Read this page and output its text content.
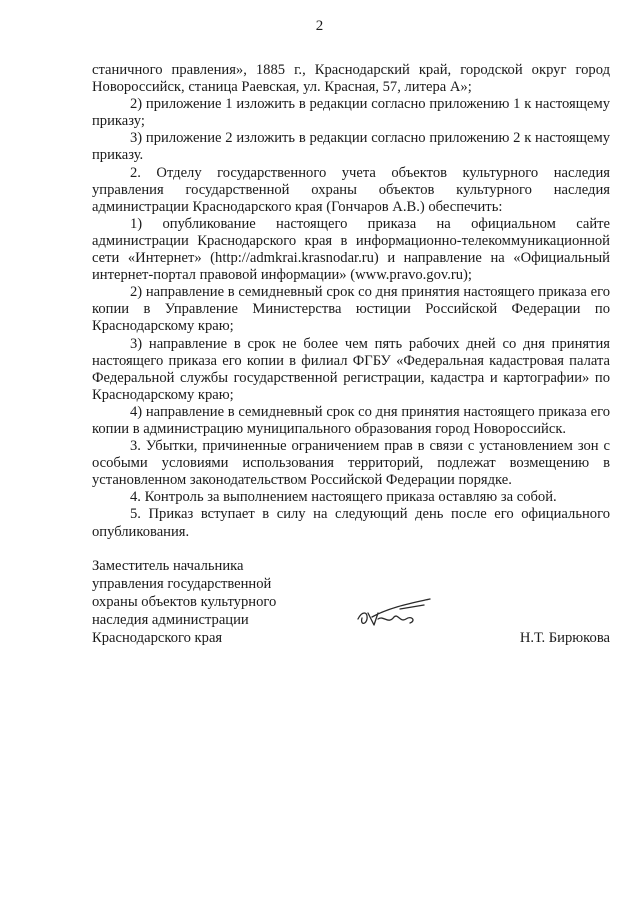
2

станичного правления», 1885 г., Краснодарский край, городской округ город Новороссийск, станица Раевская, ул. Красная, 57, литера А»;

2) приложение 1 изложить в редакции согласно приложению 1 к настоящему приказу;

3) приложение 2 изложить в редакции согласно приложению 2 к настоящему приказу.

2. Отделу государственного учета объектов культурного наследия управления государственной охраны объектов культурного наследия администрации Краснодарского края (Гончаров А.В.) обеспечить:

1) опубликование настоящего приказа на официальном сайте администрации Краснодарского края в информационно-телекоммуникационной сети «Интернет» (http://admkrai.krasnodar.ru) и направление на «Официальный интернет-портал правовой информации» (www.pravo.gov.ru);

2) направление в семидневный срок со дня принятия настоящего приказа его копии в Управление Министерства юстиции Российской Федерации по Краснодарскому краю;

3) направление в срок не более чем пять рабочих дней со дня принятия настоящего приказа его копии в филиал ФГБУ «Федеральная кадастровая палата Федеральной службы государственной регистрации, кадастра и картографии» по Краснодарскому краю;

4) направление в семидневный срок со дня принятия настоящего приказа его копии в администрацию муниципального образования город Новороссийск.

3. Убытки, причиненные ограничением прав в связи с установлением зон с особыми условиями использования территорий, подлежат возмещению в установленном законодательством Российской Федерации порядке.

4. Контроль за выполнением настоящего приказа оставляю за собой.

5. Приказ вступает в силу на следующий день после его официального опубликования.

Заместитель начальника
управления государственной
охраны объектов культурного
наследия администрации
Краснодарского края	Н.Т. Бирюкова
